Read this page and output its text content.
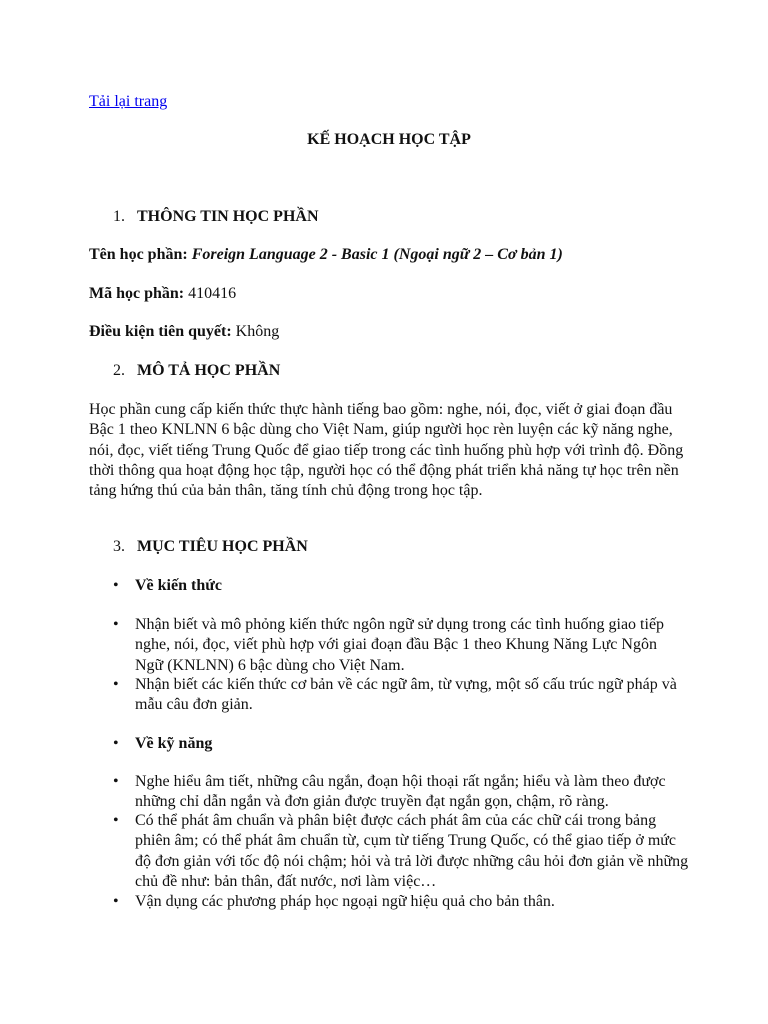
Tải lại trang
KẾ HOẠCH HỌC TẬP
1. THÔNG TIN HỌC PHẦN

Tên học phần: Foreign Language 2 - Basic 1 (Ngoại ngữ 2 – Cơ bản 1)

Mã học phần: 410416

Điều kiện tiên quyết: Không

2. MÔ TẢ HỌC PHẦN

Học phần cung cấp kiến thức thực hành tiếng bao gồm: nghe, nói, đọc, viết ở giai đoạn đầu Bậc 1 theo KNLNN 6 bậc dùng cho Việt Nam, giúp người học rèn luyện các kỹ năng nghe, nói, đọc, viết tiếng Trung Quốc để giao tiếp trong các tình huống phù hợp với trình độ. Đồng thời thông qua hoạt động học tập, người học có thể động phát triển khả năng tự học trên nền tảng hứng thú của bản thân, tăng tính chủ động trong học tập.

3. MỤC TIÊU HỌC PHẦN
•	Về kiến thức
•	Nhận biết và mô phỏng kiến thức ngôn ngữ sử dụng trong các tình huống giao tiếp nghe, nói, đọc, viết phù hợp với giai đoạn đầu Bậc 1 theo Khung Năng Lực Ngôn Ngữ (KNLNN) 6 bậc dùng cho Việt Nam.
•	Nhận biết các kiến thức cơ bản về các ngữ âm, từ vựng, một số cấu trúc ngữ pháp và mẫu câu đơn giản.
•	Về kỹ năng
•	Nghe hiểu âm tiết, những câu ngắn, đoạn hội thoại rất ngắn; hiểu và làm theo được những chỉ dẫn ngắn và đơn giản được truyền đạt ngắn gọn, chậm, rõ ràng.
•	Có thể phát âm chuẩn và phân biệt được cách phát âm của các chữ cái trong bảng phiên âm; có thể phát âm chuẩn từ, cụm từ tiếng Trung Quốc, có thể giao tiếp ở mức độ đơn giản với tốc độ nói chậm; hỏi và trả lời được những câu hỏi đơn giản về những chủ đề như: bản thân, đất nước, nơi làm việc…
•	Vận dụng các phương pháp học ngoại ngữ hiệu quả cho bản thân.
